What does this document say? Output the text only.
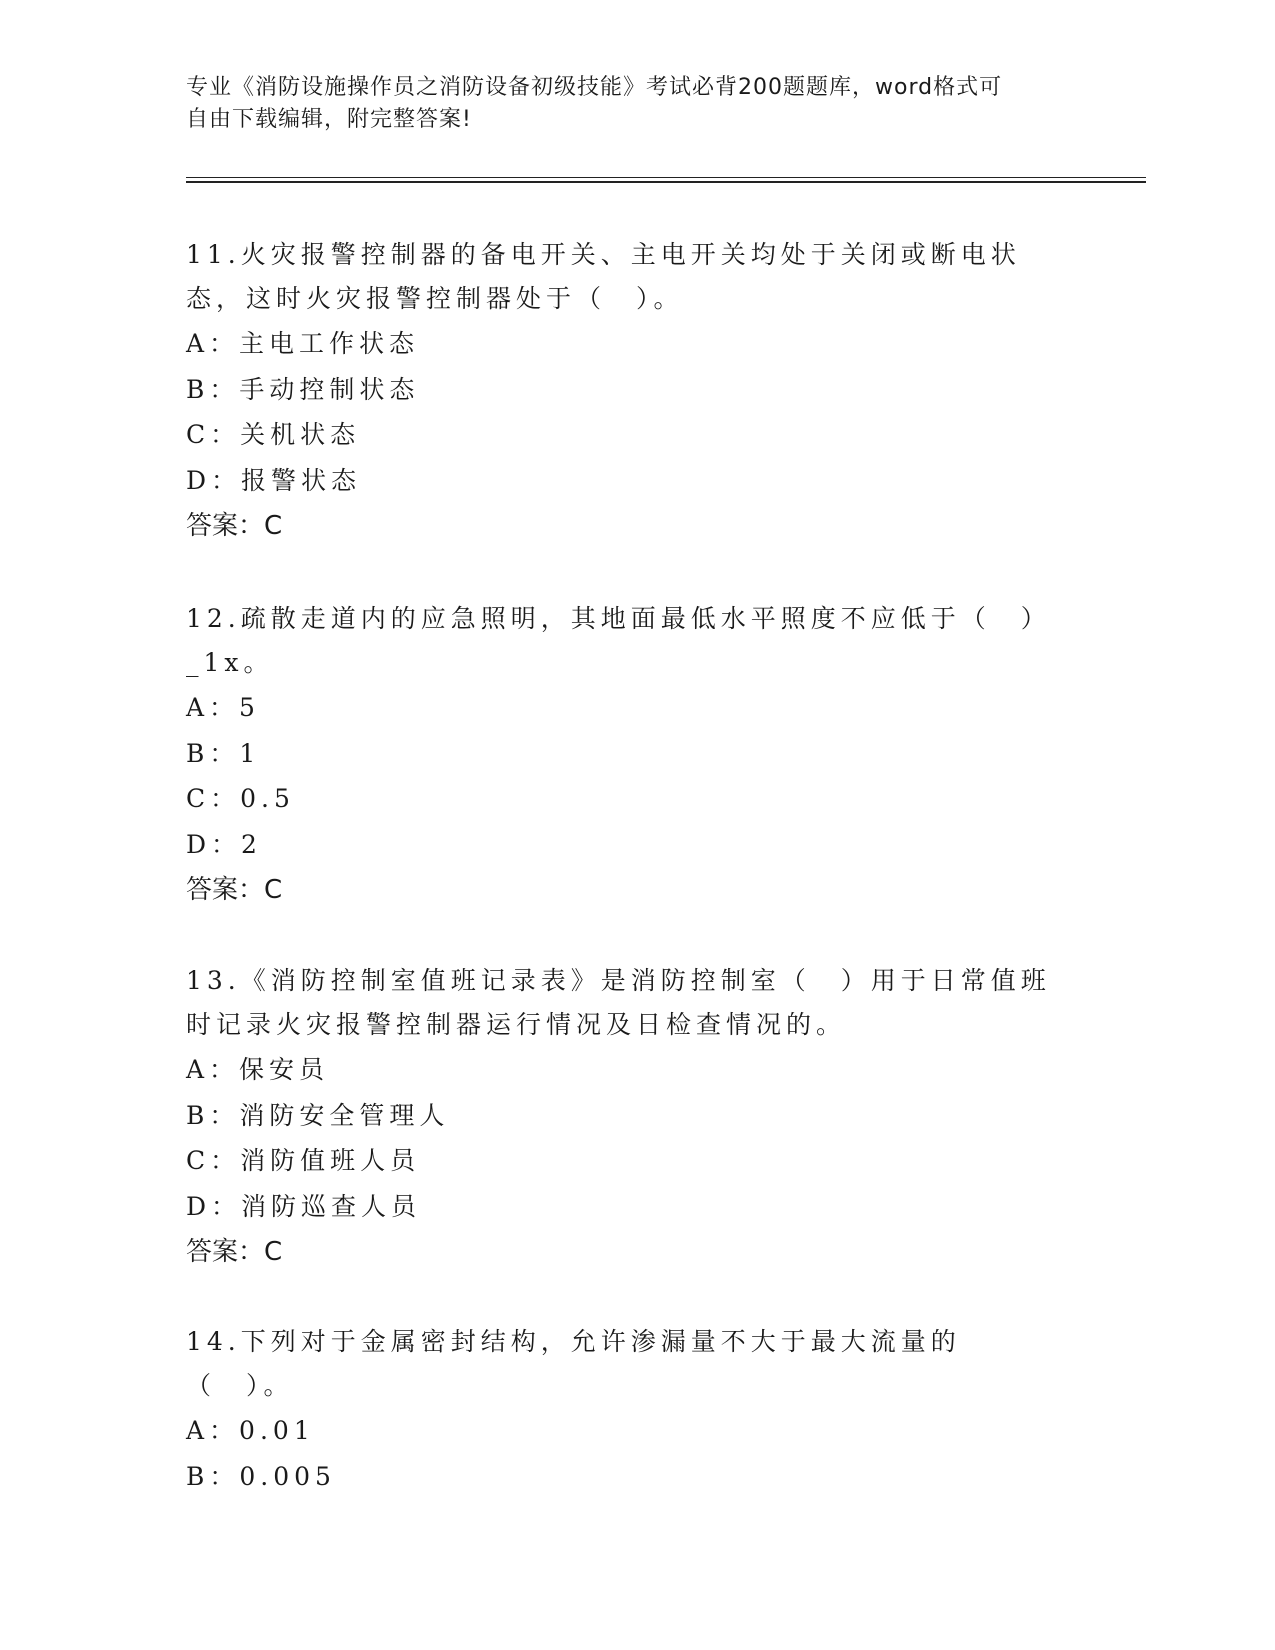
专业《消防设施操作员之消防设备初级技能》考试必背200题题库，word格式可
自由下载编辑，附完整答案!
11.火灾报警控制器的备电开关、主电开关均处于关闭或断电状态，这时火灾报警控制器处于（　）。
A：主电工作状态
B：手动控制状态
C：关机状态
D：报警状态
答案：C
12.疏散走道内的应急照明，其地面最低水平照度不应低于（　）_1x。
A：5
B：1
C：0.5
D：2
答案：C
13.《消防控制室值班记录表》是消防控制室（　）用于日常值班时记录火灾报警控制器运行情况及日检查情况的。
A：保安员
B：消防安全管理人
C：消防值班人员
D：消防巡查人员
答案：C
14.下列对于金属密封结构，允许渗漏量不大于最大流量的（　）。
A：0.01
B：0.005
